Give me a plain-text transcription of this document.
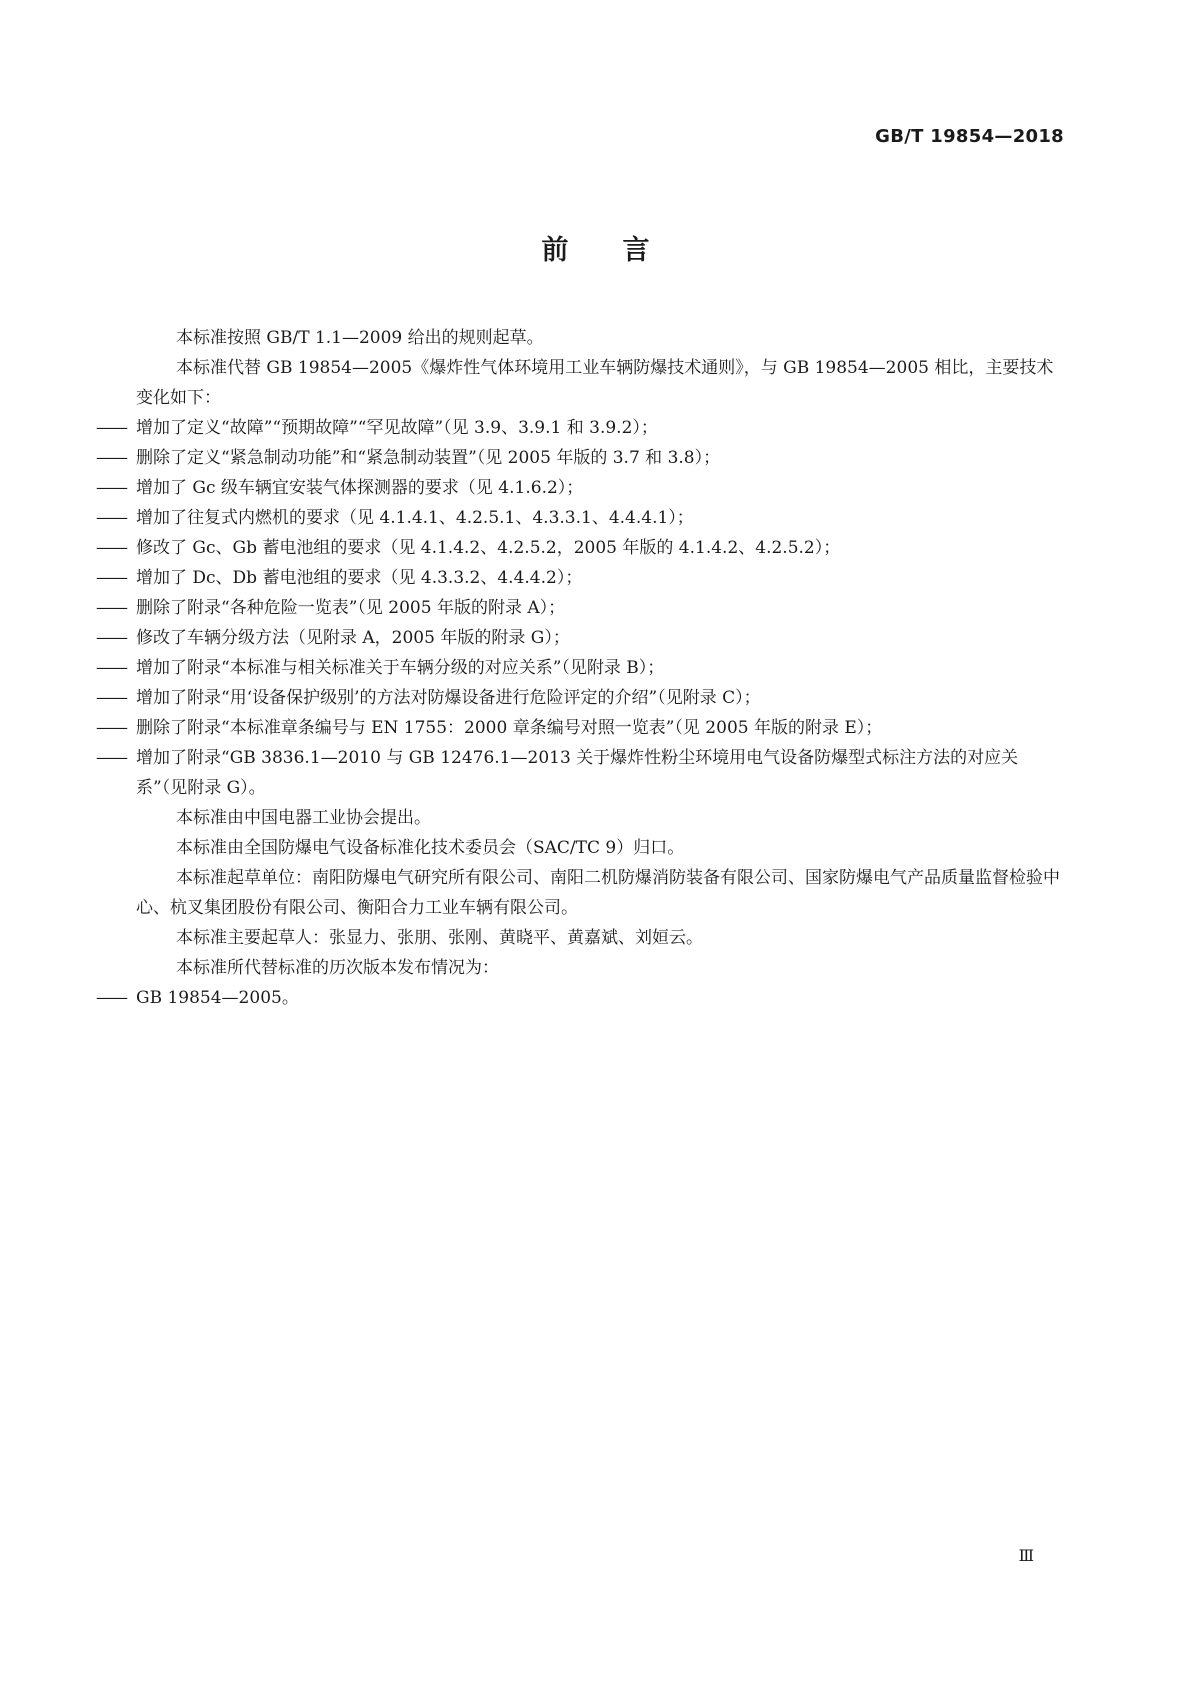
GB/T 19854—2018
前言

本标准按照 GB/T 1.1—2009 给出的规则起草。

本标准代替 GB 19854—2005《爆炸性气体环境用工业车辆防爆技术通则》，与 GB 19854—2005 相比，主要技术变化如下：

—— 增加了定义“故障”“预期故障”“罕见故障”（见 3.9、3.9.1 和 3.9.2）；

—— 删除了定义“紧急制动功能”和“紧急制动装置”（见 2005 年版的 3.7 和 3.8）；

—— 增加了 Gc 级车辆宜安装气体探测器的要求（见 4.1.6.2）；

—— 增加了往复式内燃机的要求（见 4.1.4.1、4.2.5.1、4.3.3.1、4.4.4.1）；

—— 修改了 Gc、Gb 蓄电池组的要求（见 4.1.4.2、4.2.5.2，2005 年版的 4.1.4.2、4.2.5.2）；

—— 增加了 Dc、Db 蓄电池组的要求（见 4.3.3.2、4.4.4.2）；

—— 删除了附录“各种危险一览表”（见 2005 年版的附录 A）；

—— 修改了车辆分级方法（见附录 A，2005 年版的附录 G）；

—— 增加了附录“本标准与相关标准关于车辆分级的对应关系”（见附录 B）；

—— 增加了附录“用‘设备保护级别’的方法对防爆设备进行危险评定的介绍”（见附录 C）；

—— 删除了附录“本标准章条编号与 EN 1755：2000 章条编号对照一览表”（见 2005 年版的附录 E）；

—— 增加了附录“GB 3836.1—2010 与 GB 12476.1—2013 关于爆炸性粉尘环境用电气设备防爆型式标注方法的对应关系”（见附录 G）。

本标准由中国电器工业协会提出。

本标准由全国防爆电气设备标准化技术委员会（SAC/TC 9）归口。

本标准起草单位：南阳防爆电气研究所有限公司、南阳二机防爆消防装备有限公司、国家防爆电气产品质量监督检验中心、杭叉集团股份有限公司、衡阳合力工业车辆有限公司。

本标准主要起草人：张显力、张朋、张刚、黄晓平、黄嘉斌、刘姮云。

本标准所代替标准的历次版本发布情况为：

—— GB 19854—2005。

Ⅲ
